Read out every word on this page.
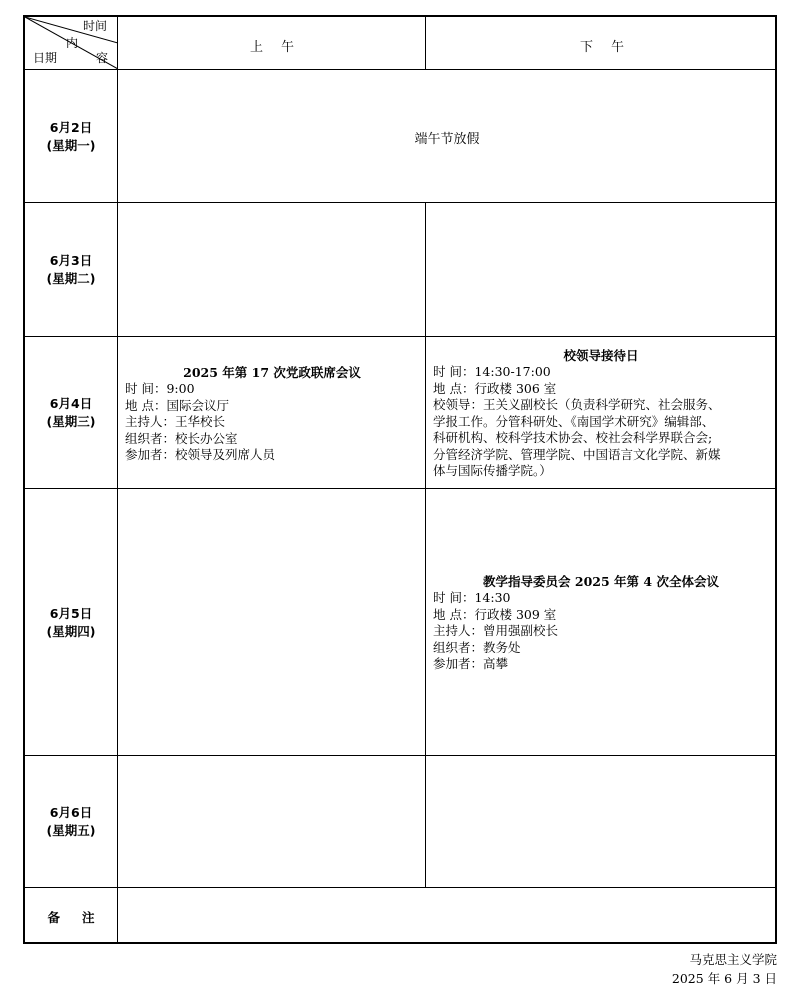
时间
内
容
日期
上午	下午
6月2日
(星期一)
6月3日
(星期二)
6月4日
(星期三)
6月5日
(星期四)
6月6日
(星期五)
端午节放假
2025 年第 17 次党政联席会议
时 间：9:00
地 点：国际会议厅
主持人：王华校长
组织者：校长办公室
参加者：校领导及列席人员
校领导接待日
时 间：14:30-17:00
地 点：行政楼 306 室
校领导：王关义副校长（负责科学研究、社会服务、
学报工作。分管科研处、《南国学术研究》编辑部、
科研机构、校科学技术协会、校社会科学界联合会;
分管经济学院、管理学院、中国语言文化学院、新媒
体与国际传播学院。）
教学指导委员会 2025 年第 4 次全体会议
时 间：14:30
地 点：行政楼 309 室
主持人：曾用强副校长
组织者：教务处
参加者：高攀
备注
马克思主义学院
2025 年 6 月 3 日
